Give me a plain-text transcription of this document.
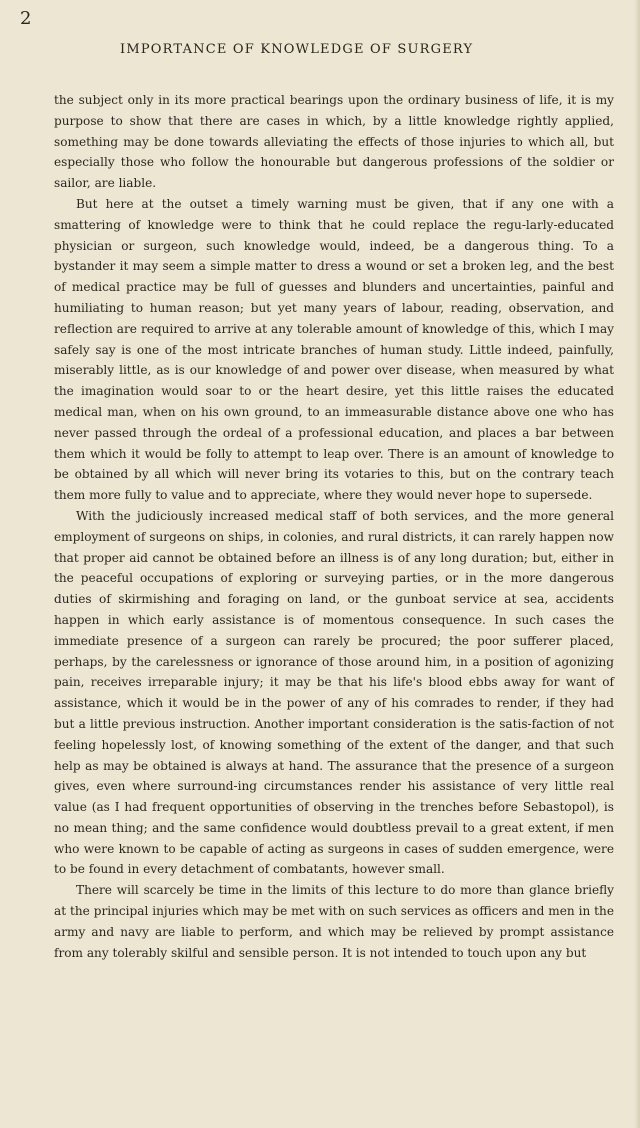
2
IMPORTANCE OF KNOWLEDGE OF SURGERY

the subject only in its more practical bearings upon the ordinary business of life, it is my purpose to show that there are cases in which, by a little knowledge rightly applied, something may be done towards alleviating the effects of those injuries to which all, but especially those who follow the honourable but dangerous professions of the soldier or sailor, are liable.

But here at the outset a timely warning must be given, that if any one with a smattering of knowledge were to think that he could replace the regu-larly-educated physician or surgeon, such knowledge would, indeed, be a dangerous thing. To a bystander it may seem a simple matter to dress a wound or set a broken leg, and the best of medical practice may be full of guesses and blunders and uncertainties, painful and humiliating to human reason; but yet many years of labour, reading, observation, and reflection are required to arrive at any tolerable amount of knowledge of this, which I may safely say is one of the most intricate branches of human study. Little indeed, painfully, miserably little, as is our knowledge of and power over disease, when measured by what the imagination would soar to or the heart desire, yet this little raises the educated medical man, when on his own ground, to an immeasurable distance above one who has never passed through the ordeal of a professional education, and places a bar between them which it would be folly to attempt to leap over. There is an amount of knowledge to be obtained by all which will never bring its votaries to this, but on the contrary teach them more fully to value and to appreciate, where they would never hope to supersede.

With the judiciously increased medical staff of both services, and the more general employment of surgeons on ships, in colonies, and rural districts, it can rarely happen now that proper aid cannot be obtained before an illness is of any long duration; but, either in the peaceful occupations of exploring or surveying parties, or in the more dangerous duties of skirmishing and foraging on land, or the gunboat service at sea, accidents happen in which early assistance is of momentous consequence. In such cases the immediate presence of a surgeon can rarely be procured; the poor sufferer placed, perhaps, by the carelessness or ignorance of those around him, in a position of agonizing pain, receives irreparable injury; it may be that his life's blood ebbs away for want of assistance, which it would be in the power of any of his comrades to render, if they had but a little previous instruction. Another important consideration is the satis-faction of not feeling hopelessly lost, of knowing something of the extent of the danger, and that such help as may be obtained is always at hand. The assurance that the presence of a surgeon gives, even where surround-ing circumstances render his assistance of very little real value (as I had frequent opportunities of observing in the trenches before Sebastopol), is no mean thing; and the same confidence would doubtless prevail to a great extent, if men who were known to be capable of acting as surgeons in cases of sudden emergence, were to be found in every detachment of combatants, however small.

There will scarcely be time in the limits of this lecture to do more than glance briefly at the principal injuries which may be met with on such services as officers and men in the army and navy are liable to perform, and which may be relieved by prompt assistance from any tolerably skilful and sensible person. It is not intended to touch upon any but
